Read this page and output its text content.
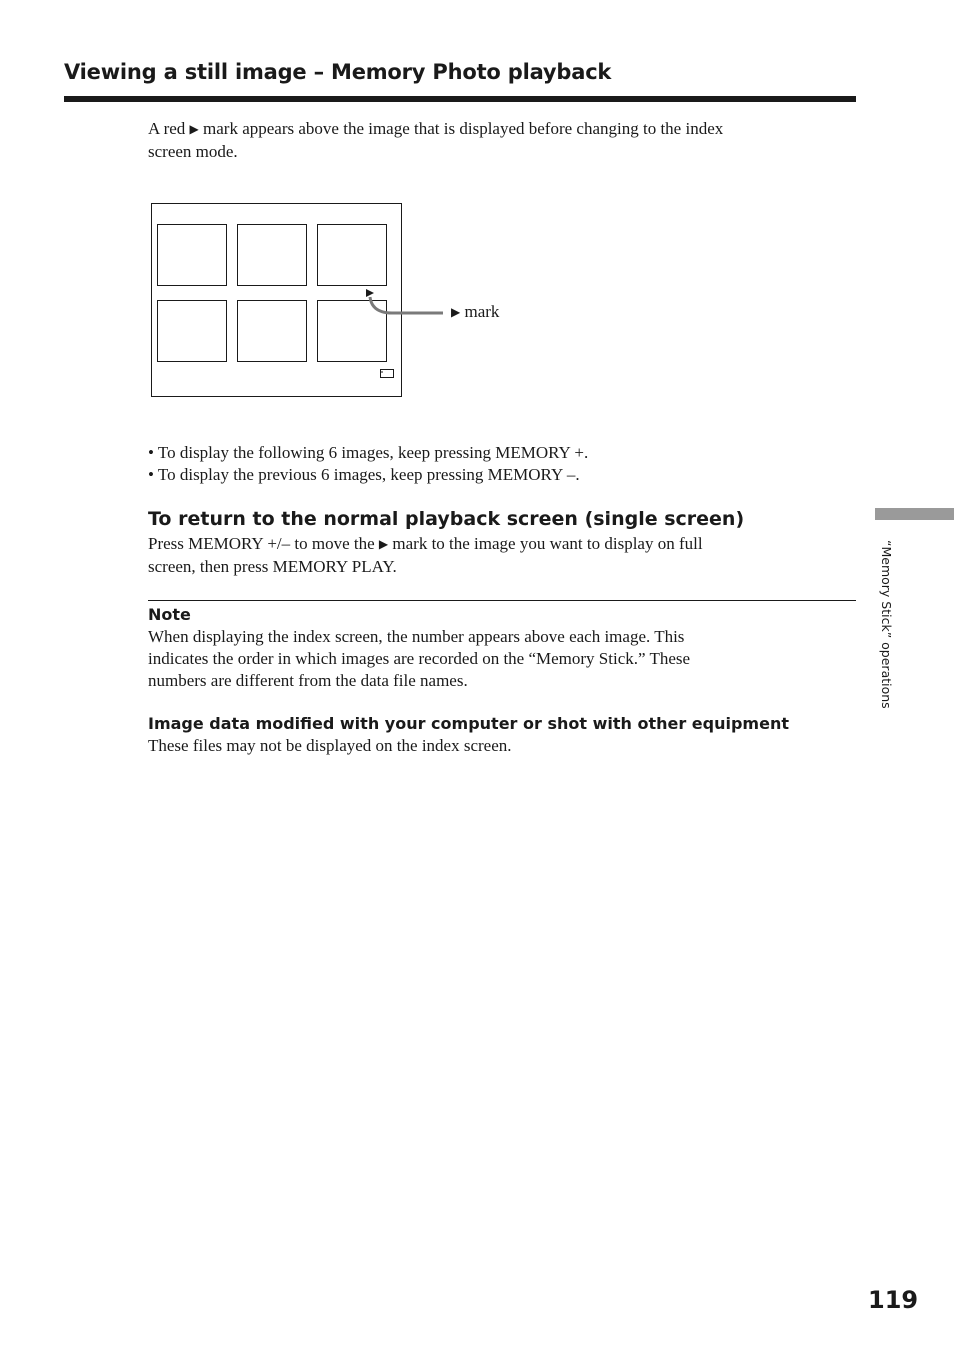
Viewing a still image – Memory Photo playback

A red ▶ mark appears above the image that is displayed before changing to the index
screen mode.

▶ mark
• To display the following 6 images, keep pressing MEMORY +.
• To display the previous 6 images, keep pressing MEMORY –.
To return to the normal playback screen (single screen)

Press MEMORY +/– to move the ▶ mark to the image you want to display on full
screen, then press MEMORY PLAY.

Note

When displaying the index screen, the number appears above each image. This
indicates the order in which images are recorded on the “Memory Stick.” These
numbers are different from the data file names.

Image data modified with your computer or shot with other equipment

These files may not be displayed on the index screen.

“Memory Stick” operations

119
